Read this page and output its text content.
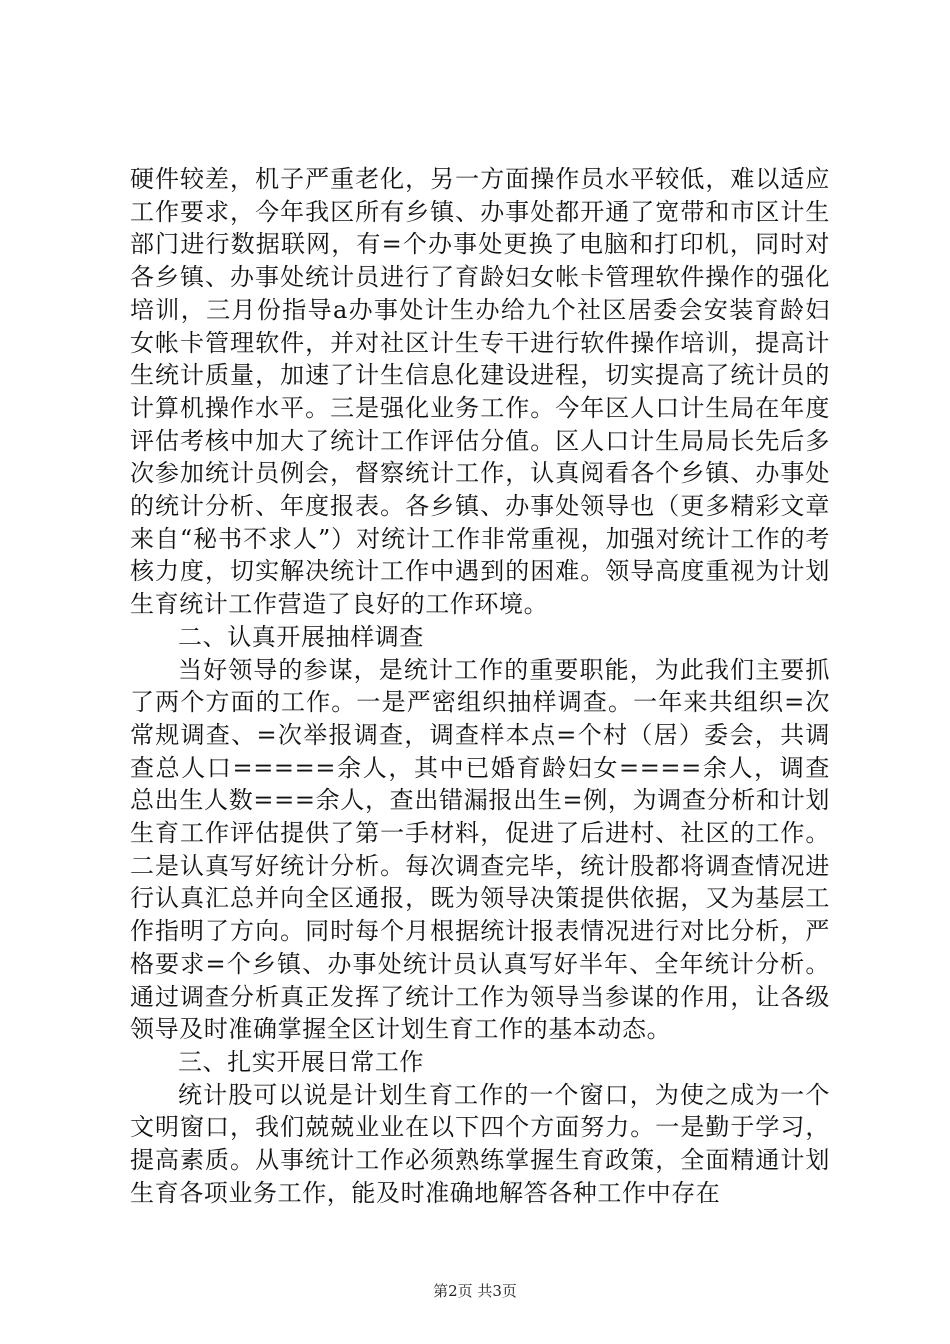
硬件较差，机子严重老化，另一方面操作员水平较低，难以适应工作要求，今年我区所有乡镇、办事处都开通了宽带和市区计生部门进行数据联网，有=个办事处更换了电脑和打印机，同时对各乡镇、办事处统计员进行了育龄妇女帐卡管理软件操作的强化培训，三月份指导a办事处计生办给九个社区居委会安装育龄妇女帐卡管理软件，并对社区计生专干进行软件操作培训，提高计生统计质量，加速了计生信息化建设进程，切实提高了统计员的计算机操作水平。三是强化业务工作。今年区人口计生局在年度评估考核中加大了统计工作评估分值。区人口计生局局长先后多次参加统计员例会，督察统计工作，认真阅看各个乡镇、办事处的统计分析、年度报表。各乡镇、办事处领导也（更多精彩文章来自“秘书不求人”）对统计工作非常重视，加强对统计工作的考核力度，切实解决统计工作中遇到的困难。领导高度重视为计划生育统计工作营造了良好的工作环境。

二、认真开展抽样调查

当好领导的参谋，是统计工作的重要职能，为此我们主要抓了两个方面的工作。一是严密组织抽样调查。一年来共组织=次常规调查、=次举报调查，调查样本点=个村（居）委会，共调查总人口=====余人，其中已婚育龄妇女====余人，调查总出生人数===余人，查出错漏报出生=例，为调查分析和计划生育工作评估提供了第一手材料，促进了后进村、社区的工作。二是认真写好统计分析。每次调查完毕，统计股都将调查情况进行认真汇总并向全区通报，既为领导决策提供依据，又为基层工作指明了方向。同时每个月根据统计报表情况进行对比分析，严格要求=个乡镇、办事处统计员认真写好半年、全年统计分析。通过调查分析真正发挥了统计工作为领导当参谋的作用，让各级领导及时准确掌握全区计划生育工作的基本动态。

三、扎实开展日常工作

统计股可以说是计划生育工作的一个窗口，为使之成为一个文明窗口，我们兢兢业业在以下四个方面努力。一是勤于学习，提高素质。从事统计工作必须熟练掌握生育政策，全面精通计划生育各项业务工作，能及时准确地解答各种工作中存在

第2页 共3页
